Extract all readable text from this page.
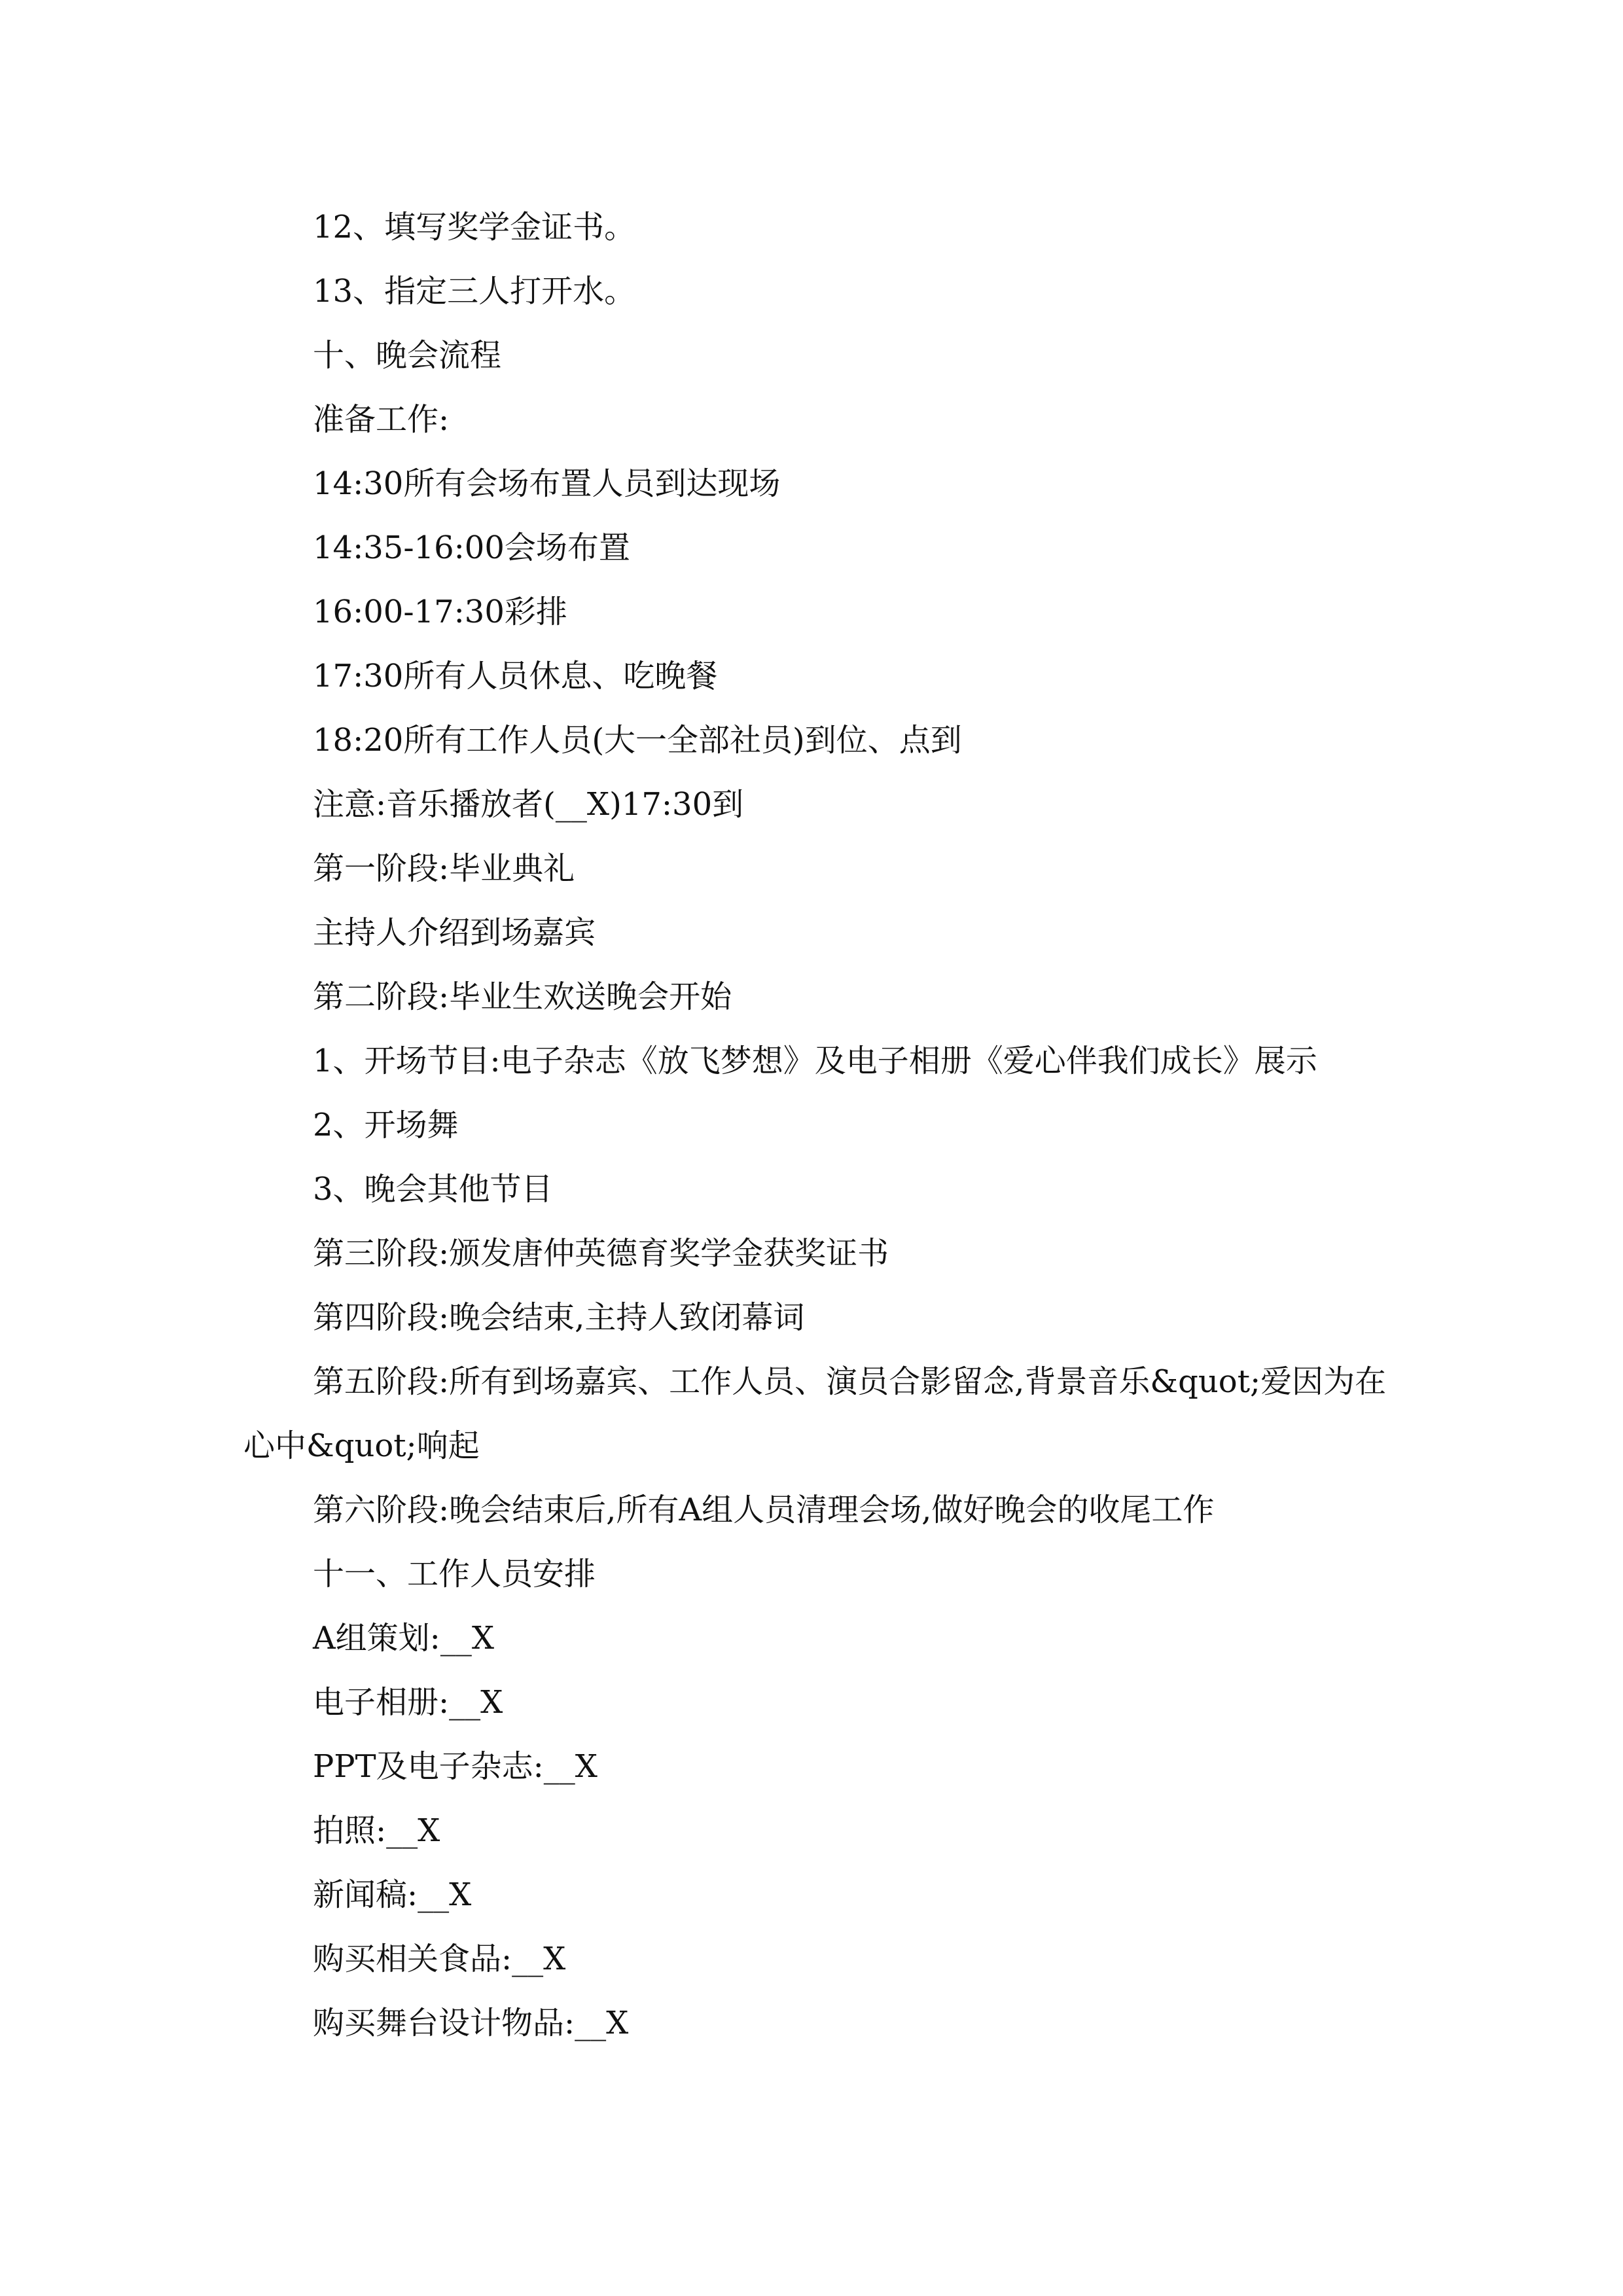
12、填写奖学金证书。
13、指定三人打开水。
十、晚会流程
准备工作:
14:30所有会场布置人员到达现场
14:35-16:00会场布置
16:00-17:30彩排
17:30所有人员休息、吃晚餐
18:20所有工作人员(大一全部社员)到位、点到
注意:音乐播放者(__X)17:30到
第一阶段:毕业典礼
主持人介绍到场嘉宾
第二阶段:毕业生欢送晚会开始
1、开场节目:电子杂志《放飞梦想》及电子相册《爱心伴我们成长》展示
2、开场舞
3、晚会其他节目
第三阶段:颁发唐仲英德育奖学金获奖证书
第四阶段:晚会结束,主持人致闭幕词
第五阶段:所有到场嘉宾、工作人员、演员合影留念,背景音乐&quot;爱因为在心中&quot;响起
第六阶段:晚会结束后,所有A组人员清理会场,做好晚会的收尾工作
十一、工作人员安排
A组策划:__X
电子相册:__X
PPT及电子杂志:__X
拍照:__X
新闻稿:__X
购买相关食品:__X
购买舞台设计物品:__X
